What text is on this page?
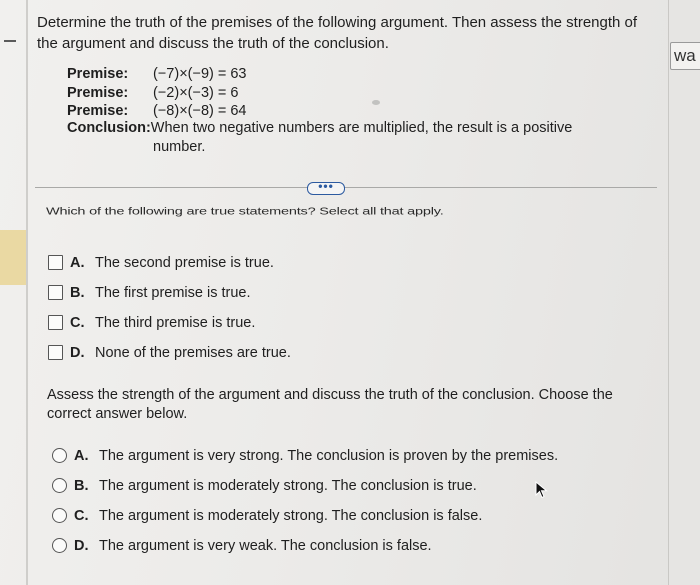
wa
Determine the truth of the premises of the following argument. Then assess the strength of the argument and discuss the truth of the conclusion.
Premise: (−7)×(−9) = 63
Premise: (−2)×(−3) = 6
Premise: (−8)×(−8) = 64
Conclusion:When two negative numbers are multiplied, the result is a positive
number.
•••
Which of the following are true statements? Select all that apply.
A. The second premise is true.
B. The first premise is true.
C. The third premise is true.
D. None of the premises are true.
Assess the strength of the argument and discuss the truth of the conclusion. Choose the correct answer below.
A. The argument is very strong. The conclusion is proven by the premises.
B. The argument is moderately strong. The conclusion is true.
C. The argument is moderately strong. The conclusion is false.
D. The argument is very weak. The conclusion is false.
